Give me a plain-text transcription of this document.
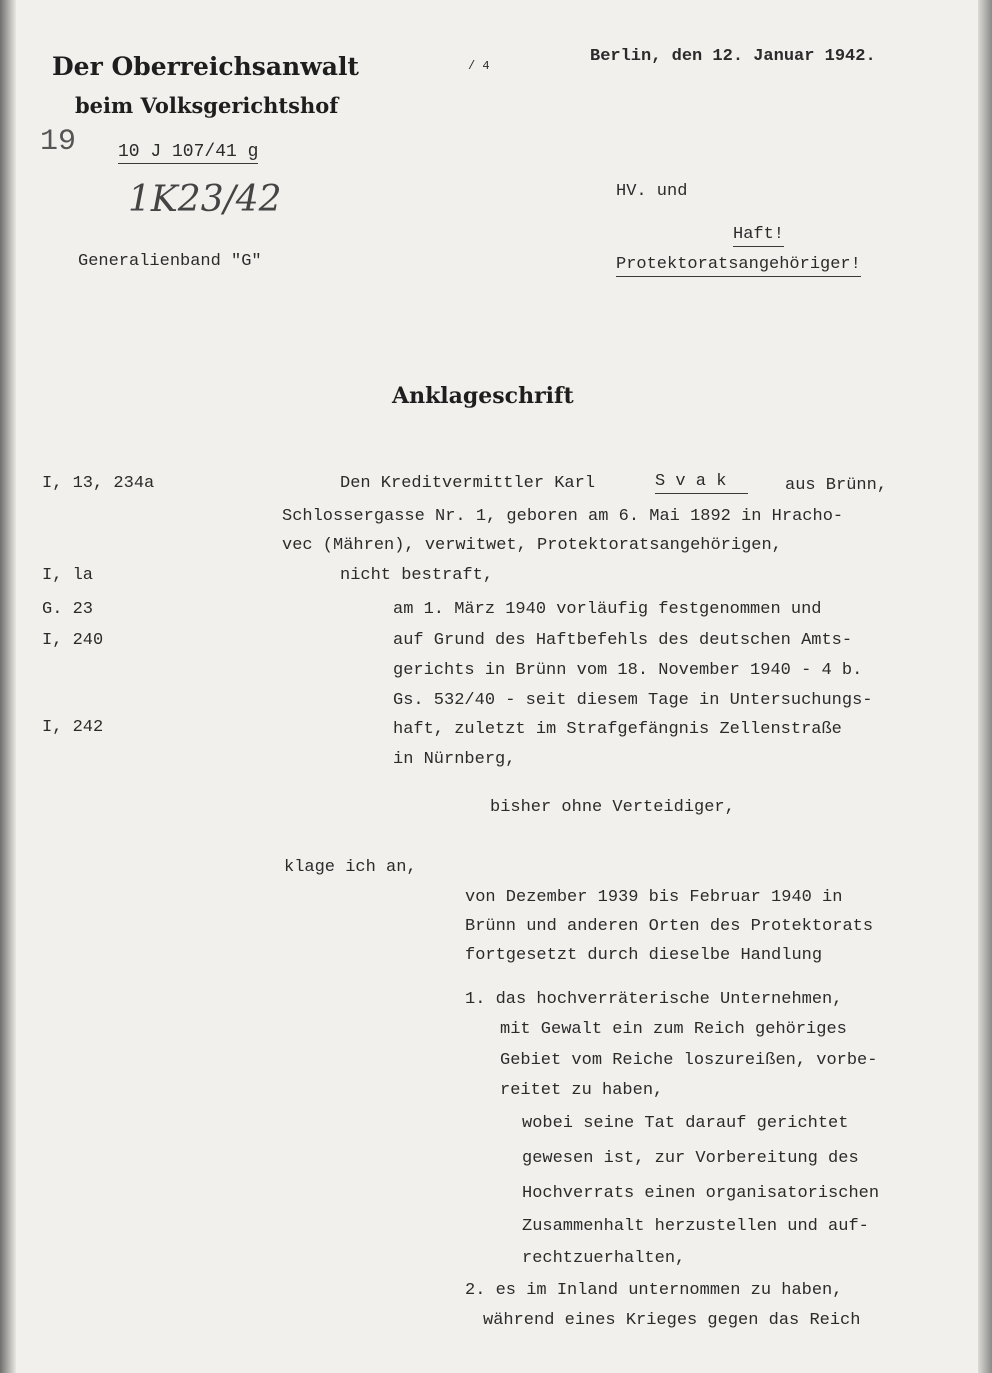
Der Oberreichsanwalt
beim Volksgerichtshof
/ 4	Berlin, den 12. Januar 1942.
19 10 J 107/41 g
1K23/42
Generalienband "G"
HV. und
Haft!
Protektoratsangehöriger!
Anklageschrift
I, 13, 234a
I, la
G. 23
I, 240
I, 242
Den Kreditvermittler Karl	S v a k	aus Brünn,
Schlossergasse Nr. 1, geboren am 6. Mai 1892 in Hracho-
vec (Mähren), verwitwet, Protektoratsangehörigen,
nicht bestraft,
am 1. März 1940 vorläufig festgenommen und
auf Grund des Haftbefehls des deutschen Amts-
gerichts in Brünn vom 18. November 1940 - 4 b.
Gs. 532/40 - seit diesem Tage in Untersuchungs-
haft, zuletzt im Strafgefängnis Zellenstraße
in Nürnberg,
bisher ohne Verteidiger,
klage ich an,
von Dezember 1939 bis Februar 1940 in
Brünn und anderen Orten des Protektorats
fortgesetzt durch dieselbe Handlung
1. das hochverräterische Unternehmen,
mit Gewalt ein zum Reich gehöriges
Gebiet vom Reiche loszureißen, vorbe-
reitet zu haben,
wobei seine Tat darauf gerichtet
gewesen ist, zur Vorbereitung des
Hochverrats einen organisatorischen
Zusammenhalt herzustellen und auf-
rechtzuerhalten,
2. es im Inland unternommen zu haben,
während eines Krieges gegen das Reich
